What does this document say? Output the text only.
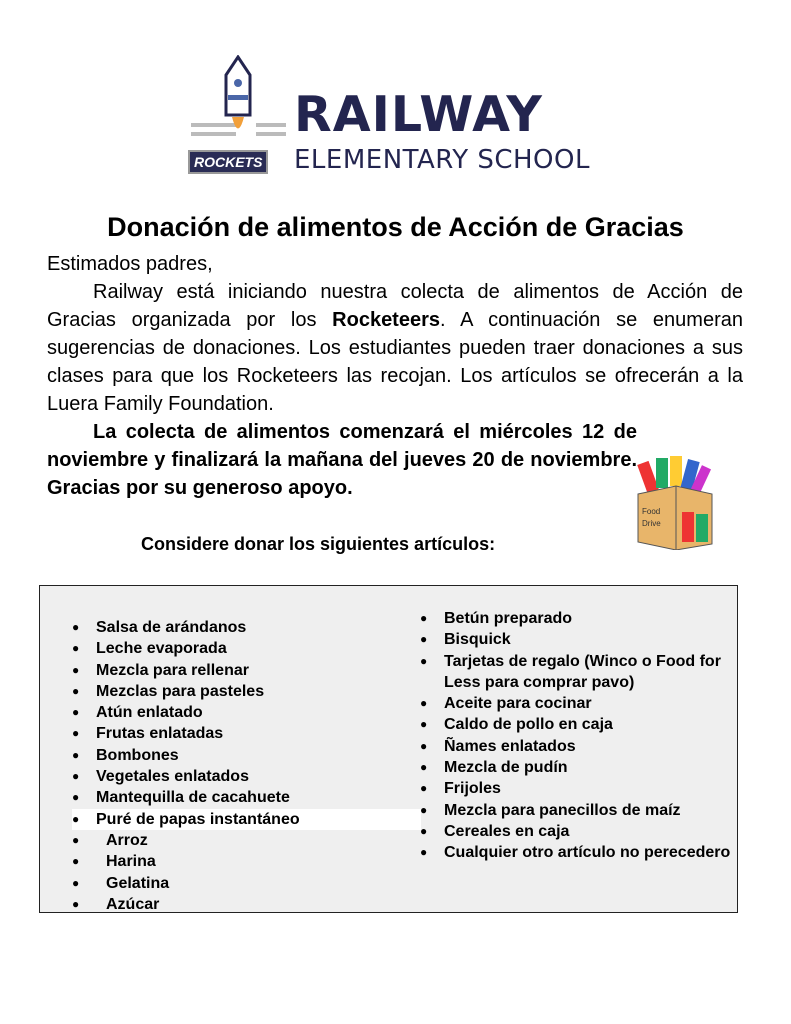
ROCKETS
RAILWAY
ELEMENTARY SCHOOL
Donación de alimentos de Acción de Gracias

Estimados padres,

Railway está iniciando nuestra colecta de alimentos de Acción de Gracias organizada por los Rocketeers. A continuación se enumeran sugerencias de donaciones. Los estudiantes pueden traer donaciones a sus clases para que los Rocketeers las recojan. Los artículos se ofrecerán a la Luera Family Foundation.

La colecta de alimentos comenzará el miércoles 12 de noviembre y finalizará la mañana del jueves 20 de noviembre. Gracias por su generoso apoyo.

Food
Drive
Considere donar los siguientes artículos:
● Salsa de arándanos
● Leche evaporada
● Mezcla para rellenar
● Mezclas para pasteles
● Atún enlatado
● Frutas enlatadas
● Bombones
● Vegetales enlatados
● Mantequilla de cacahuete
● Puré de papas instantáneo
● Arroz
● Harina
● Gelatina
● Azúcar
● Betún preparado
● Bisquick
● Tarjetas de regalo (Winco o Food for Less para comprar pavo)
● Aceite para cocinar
● Caldo de pollo en caja
● Ñames enlatados
● Mezcla de pudín
● Frijoles
● Mezcla para panecillos de maíz
● Cereales en caja
● Cualquier otro artículo no perecedero
